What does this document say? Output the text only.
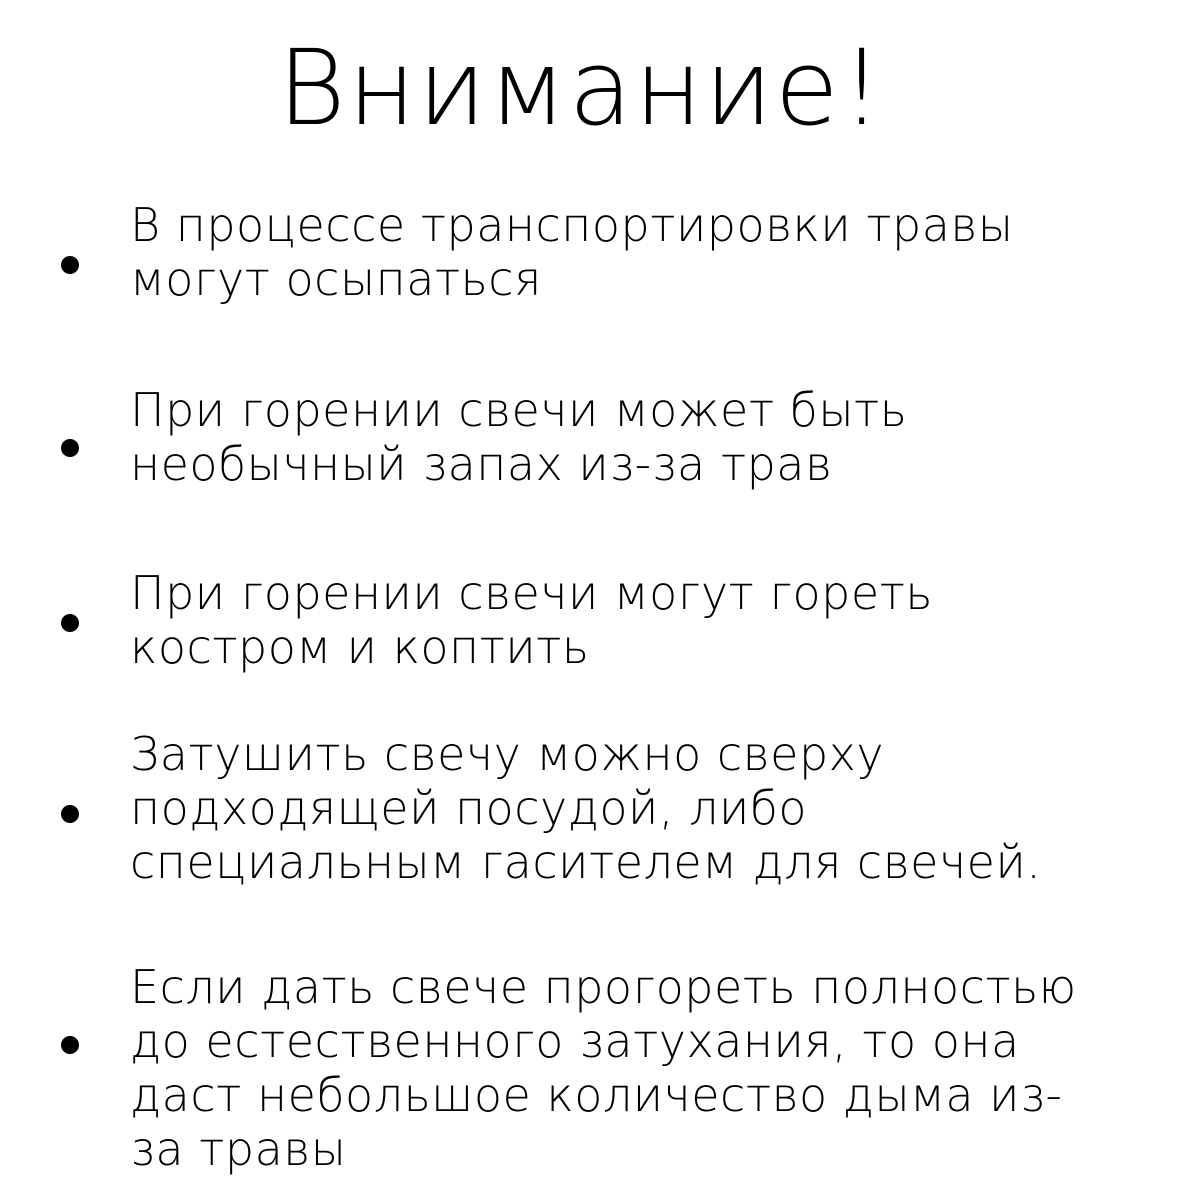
Внимание!

В процессе транспортировки травы
могут осыпаться

При горении свечи может быть
необычный запах из-за трав

При горении свечи могут гореть
костром и коптить

Затушить свечу можно сверху
подходящей посудой, либо
специальным гасителем для свечей.

Если дать свече прогореть полностью
до естественного затухания, то она
даст небольшое количество дыма из-
за травы
